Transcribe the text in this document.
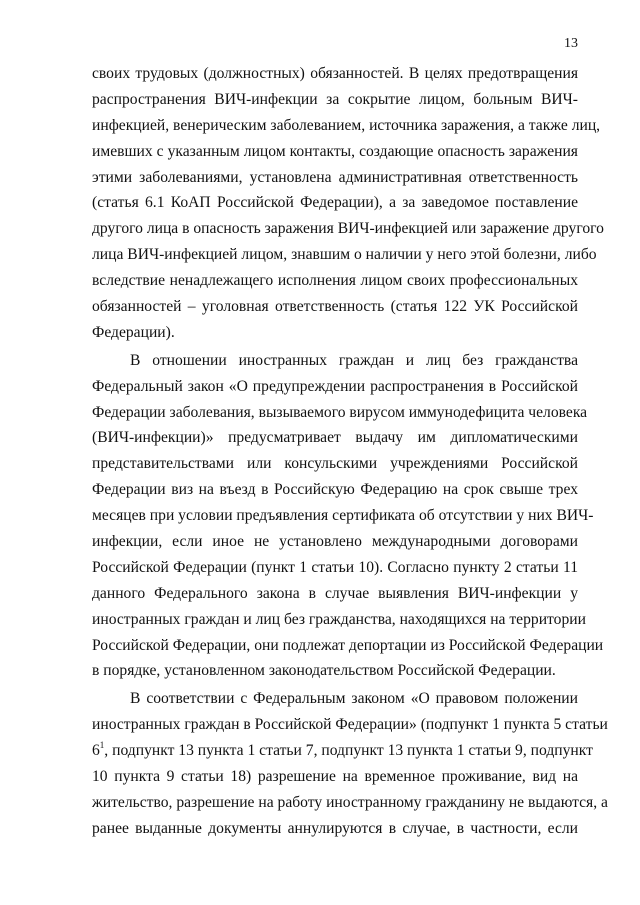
13
своих трудовых (должностных) обязанностей. В целях предотвращения
распространения ВИЧ-инфекции за сокрытие лицом, больным ВИЧ-
инфекцией, венерическим заболеванием, источника заражения, а также лиц,
имевших с указанным лицом контакты, создающие опасность заражения
этими заболеваниями, установлена административная ответственность
(статья 6.1 КоАП Российской Федерации), а за заведомое поставление
другого лица в опасность заражения ВИЧ-инфекцией или заражение другого
лица ВИЧ-инфекцией лицом, знавшим о наличии у него этой болезни, либо
вследствие ненадлежащего исполнения лицом своих профессиональных
обязанностей – уголовная ответственность (статья 122 УК Российской
Федерации).
В отношении иностранных граждан и лиц без гражданства
Федеральный закон «О предупреждении распространения в Российской
Федерации заболевания, вызываемого вирусом иммунодефицита человека
(ВИЧ-инфекции)» предусматривает выдачу им дипломатическими
представительствами или консульскими учреждениями Российской
Федерации виз на въезд в Российскую Федерацию на срок свыше трех
месяцев при условии предъявления сертификата об отсутствии у них ВИЧ-
инфекции, если иное не установлено международными договорами
Российской Федерации (пункт 1 статьи 10). Согласно пункту 2 статьи 11
данного Федерального закона в случае выявления ВИЧ-инфекции у
иностранных граждан и лиц без гражданства, находящихся на территории
Российской Федерации, они подлежат депортации из Российской Федерации
в порядке, установленном законодательством Российской Федерации.
В соответствии с Федеральным законом «О правовом положении
иностранных граждан в Российской Федерации» (подпункт 1 пункта 5 статьи
$6^1$, подпункт 13 пункта 1 статьи 7, подпункт 13 пункта 1 статьи 9, подпункт
10 пункта 9 статьи 18) разрешение на временное проживание, вид на
жительство, разрешение на работу иностранному гражданину не выдаются, а
ранее выданные документы аннулируются в случае, в частности, если
